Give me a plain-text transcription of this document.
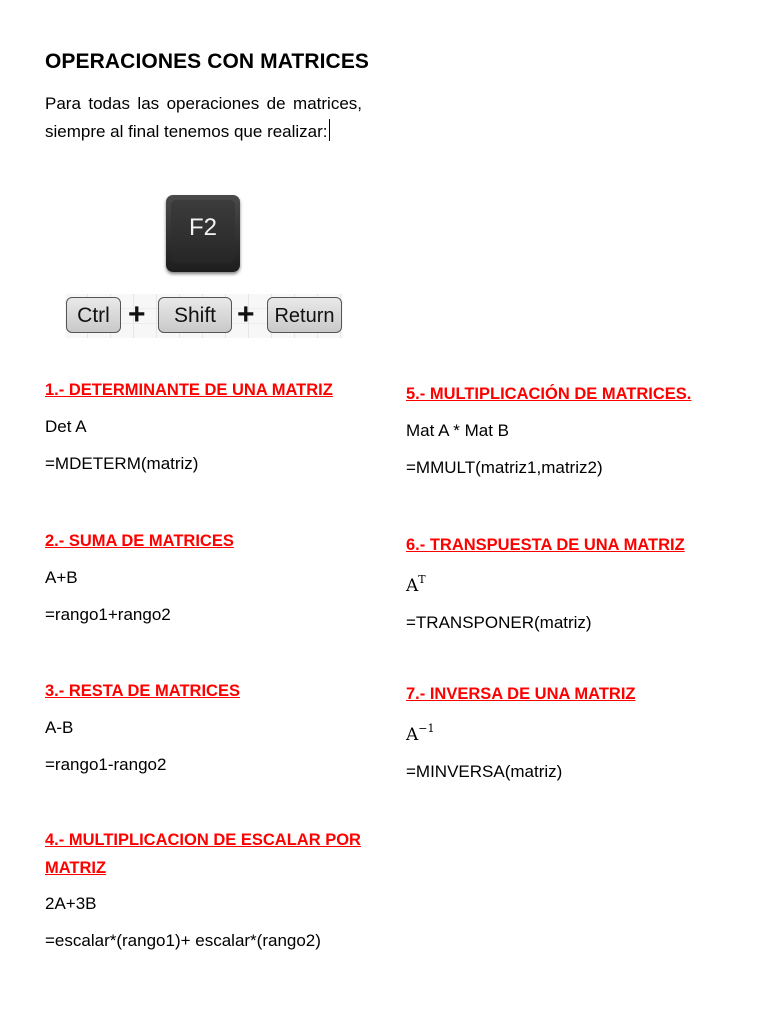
OPERACIONES CON MATRICES
Para todas las operaciones de matrices, siempre al final tenemos que realizar:
F2
Ctrl +	Shift + Return
1.- DETERMINANTE DE UNA MATRIZ
Det A
=MDETERM(matriz)
2.- SUMA DE MATRICES
A+B
=rango1+rango2
3.- RESTA DE MATRICES
A-B
=rango1-rango2
4.- MULTIPLICACION DE ESCALAR POR MATRIZ
2A+3B
=escalar*(rango1)+ escalar*(rango2)
5.- MULTIPLICACIÓN DE MATRICES.
Mat A * Mat B
=MMULT(matriz1,matriz2)
6.- TRANSPUESTA DE UNA MATRIZ
$A^T$
=TRANSPONER(matriz)
7.- INVERSA DE UNA MATRIZ
$A^{-1}$
=MINVERSA(matriz)
